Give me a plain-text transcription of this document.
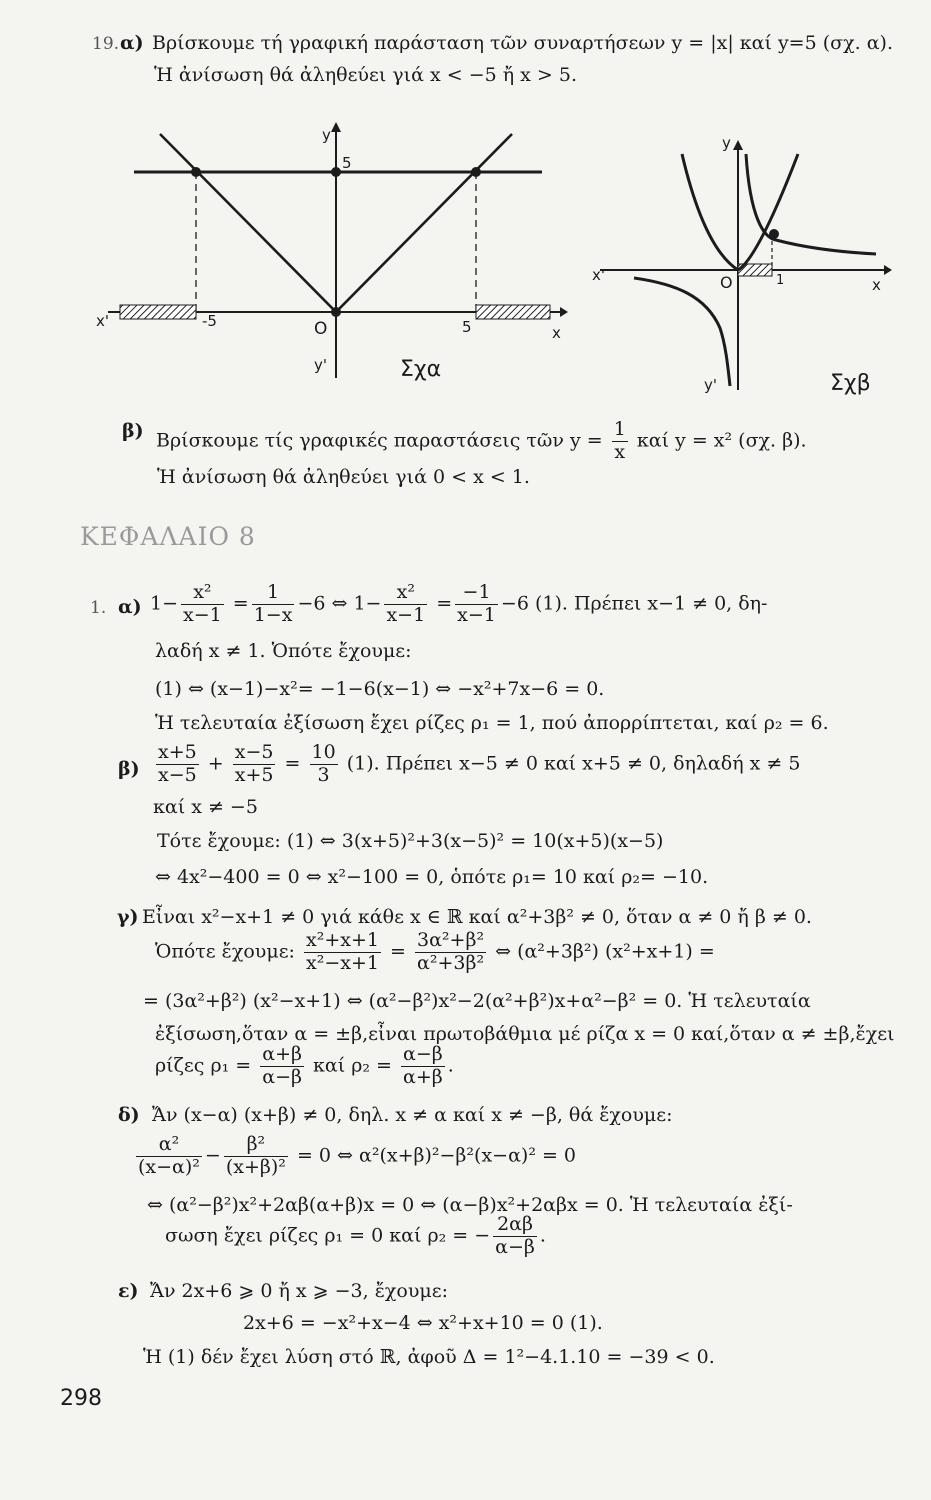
19. α) Βρίσκουμε τή γραφική παράσταση τῶν συναρτήσεων y = |x| καί y=5 (σχ. α).
Ἡ ἀνίσωση θά ἀληθεύει γιά x < −5 ἤ x > 5.
y
5
y'
x'	-5	5
O	x
Σχα
y
x'
x
O	1
y'	Σχβ
β) Βρίσκουμε τίς γραφικές παραστάσεις τῶν $y = \frac{1}{x}$ καί y = x² (σχ. β).
Ἡ ἀνίσωση θά ἀληθεύει γιά 0 < x < 1.
ΚΕΦΑΛΑΙΟ 8
1. α) $1- \frac{\text{x²}}{x-1} = \frac{1}{1-x} -6$ ⇔ $1- \frac{\text{x²}}{x-1} = \frac{-1}{x-1} -6$ (1). Πρέπει x−1 ≠ 0, δη-
λαδή x ≠ 1. Ὁπότε ἔχουμε:
(1) ⇔ (x−1)−x²= −1−6(x−1) ⇔ −x²+7x−6 = 0.
Ἡ τελευταία ἐξίσωση ἔχει ρίζες ρ₁ = 1, πού ἀπορρίπτεται, καί ρ₂ = 6.
$\beta) \frac{x+5}{x-5} + \frac{x-5}{x+5} = \frac{10}{3} (1)$. Πρέπει x−5 ≠ 0 καί x+5 ≠ 0, δηλαδή x ≠ 5
καί x ≠ −5
Τότε ἔχουμε: (1) ⇔ 3(x+5)²+3(x−5)² = 10(x+5)(x−5)
⇔ 4x²−400 = 0 ⇔ x²−100 = 0, ὁπότε ρ₁= 10 καί ρ₂= −10.
γ) Εἶναι x²−x+1 ≠ 0 γιά κάθε x ∈ ℝ καί α²+3β² ≠ 0, ὅταν α ≠ 0 ἤ β ≠ 0.
Ὁπότε ἔχουμε: $\frac{\text{x²+x+1}}{\text{x²−x+1}} = \frac{\text{3α²+β²}}{\text{α²+3β²}}$ ⇔ (α²+3β²) (x²+x+1) =
= (3α²+β²) (x²−x+1) ⇔ (α²−β²)x²−2(α²+β²)x+α²−β² = 0. Ἡ τελευταία
ἐξίσωση,ὅταν α = ±β,εἶναι πρωτοβάθμια μέ ρίζα x = 0 καί,ὅταν α ≠ ±β,ἔχει
ρίζες $\rho_1 = \frac{\alpha+\beta}{\alpha-\beta}$ καί $\rho_2 = \frac{\alpha-\beta}{\alpha+\beta}$ .
δ) Ἄν (x−α) (x+β) ≠ 0, δηλ. x ≠ α καί x ≠ −β, θά ἔχουμε:
$\frac{\text{α²}}{\text{(x−α)²}} - \frac{\text{β²}}{\text{(x+β)²}} = 0$ ⇔ α²(x+β)²−β²(x−α)² = 0
⇔ (α²−β²)x²+2αβ(α+β)x = 0 ⇔ (α−β)x²+2αβx = 0. Ἡ τελευταία ἐξί-
σωση ἔχει ρίζες ρ₁ = 0 καί ρ₂ = − $\frac{2\alpha\beta}{\alpha-\beta}$ .
ε) Ἄν 2x+6 ⩾ 0 ἤ x ⩾ −3, ἔχουμε:
2x+6 = −x²+x−4 ⇔ x²+x+10 = 0 (1).
Ἡ (1) δέν ἔχει λύση στό ℝ, ἀφοῦ Δ = 1²−4.1.10 = −39 < 0.
298
